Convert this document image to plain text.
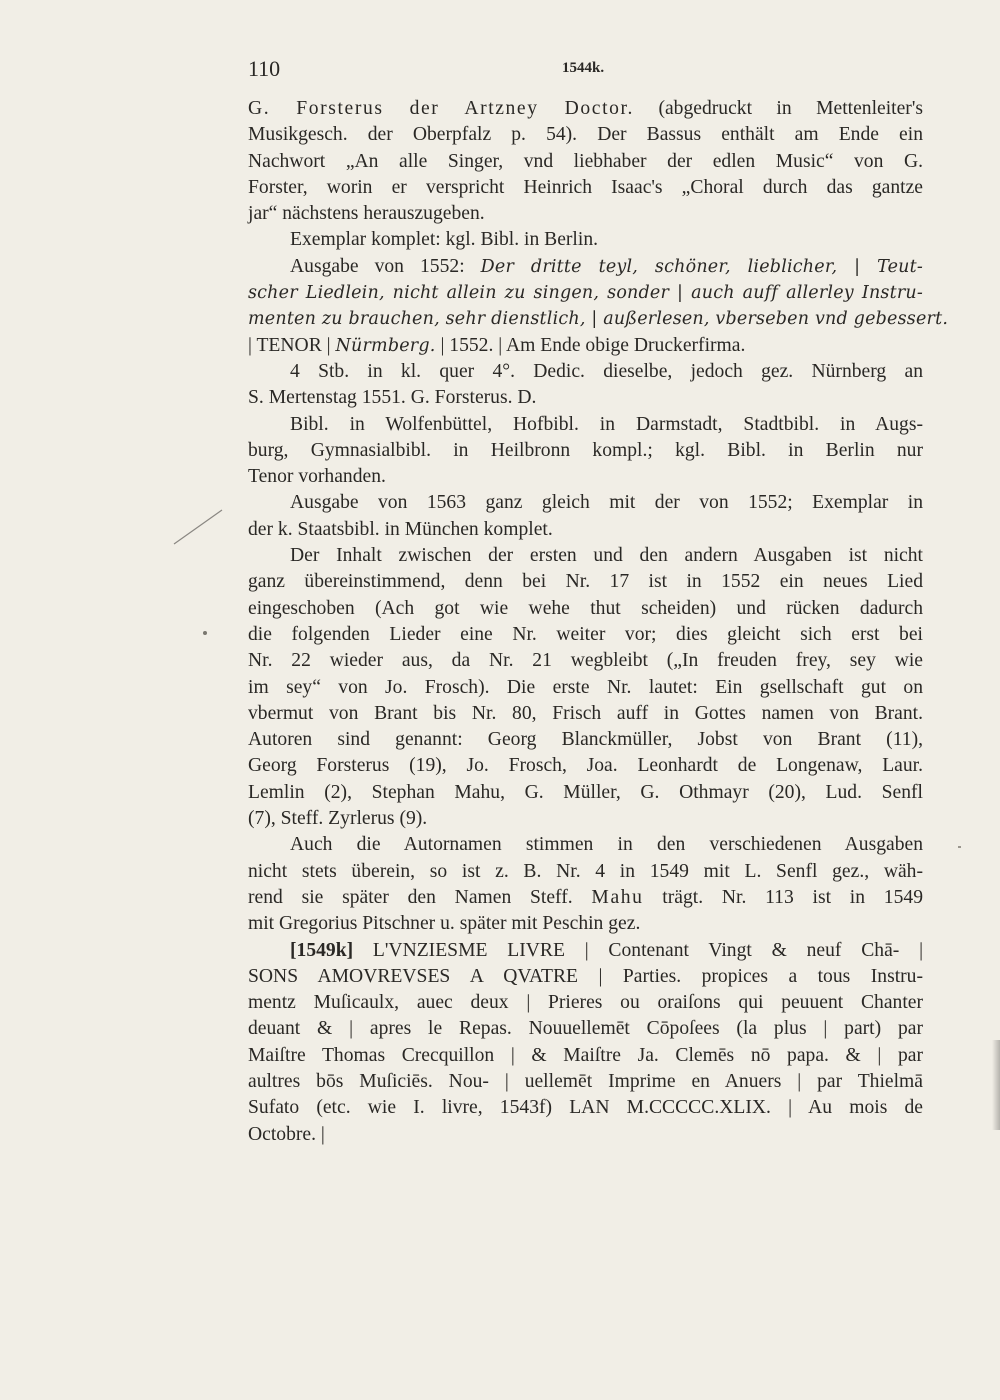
110	1544k.
G. Forsterus der Artzney Doctor. (abgedruckt in Mettenleiter's
Musikgesch. der Oberpfalz p. 54). Der Bassus enthält am Ende ein
Nachwort „An alle Singer, vnd liebhaber der edlen Music“ von G.
Forster, worin er verspricht Heinrich Isaac's „Choral durch das gantze
jar“ nächstens herauszugeben.
Exemplar komplet: kgl. Bibl. in Berlin.
Ausgabe von 1552: Der dritte teyl, schöner, lieblicher, | Teut-
scher Liedlein, nicht allein zu singen, sonder | auch auff allerley Instru-
menten zu brauchen, sehr dienstlich, | außerlesen, vberseben vnd gebessert.
| TENOR | Nürmberg. | 1552. | Am Ende obige Druckerfirma.
4 Stb. in kl. quer 4°. Dedic. dieselbe, jedoch gez. Nürnberg an
S. Mertenstag 1551. G. Forsterus. D.
Bibl. in Wolfenbüttel, Hofbibl. in Darmstadt, Stadtbibl. in Augs-
burg, Gymnasialbibl. in Heilbronn kompl.; kgl. Bibl. in Berlin nur
Tenor vorhanden.
Ausgabe von 1563 ganz gleich mit der von 1552; Exemplar in
der k. Staatsbibl. in München komplet.
Der Inhalt zwischen der ersten und den andern Ausgaben ist nicht
ganz übereinstimmend, denn bei Nr. 17 ist in 1552 ein neues Lied
eingeschoben (Ach got wie wehe thut scheiden) und rücken dadurch
die folgenden Lieder eine Nr. weiter vor; dies gleicht sich erst bei
Nr. 22 wieder aus, da Nr. 21 wegbleibt („In freuden frey, sey wie
im sey“ von Jo. Frosch). Die erste Nr. lautet: Ein gsellschaft gut on
vbermut von Brant bis Nr. 80, Frisch auff in Gottes namen von Brant.
Autoren sind genannt: Georg Blanckmüller, Jobst von Brant (11),
Georg Forsterus (19), Jo. Frosch, Joa. Leonhardt de Longenaw, Laur.
Lemlin (2), Stephan Mahu, G. Müller, G. Othmayr (20), Lud. Senfl
(7), Steff. Zyrlerus (9).
Auch die Autornamen stimmen in den verschiedenen Ausgaben
nicht stets überein, so ist z. B. Nr. 4 in 1549 mit L. Senfl gez., wäh-
rend sie später den Namen Steff. Mahu trägt. Nr. 113 ist in 1549
mit Gregorius Pitschner u. später mit Peschin gez.
[1549k] L'VNZIESME LIVRE | Contenant Vingt & neuf Chā- |
SONS AMOVREVSES A QVATRE | Parties. propices a tous Instru-
mentz Muſicaulx, auec deux | Prieres ou oraiſons qui peuuent Chanter
deuant & | apres le Repas. Nouuellemēt Cōpoſees (la plus | part) par
Maiſtre Thomas Crecquillon | & Maiſtre Ja. Clemēs nō papa. & | par
aultres bōs Muſiciēs. Nou- | uellemēt Imprime en Anuers | par Thielmā
Sufato (etc. wie I. livre, 1543f) LAN M.CCCCC.XLIX. | Au mois de
Octobre. |
